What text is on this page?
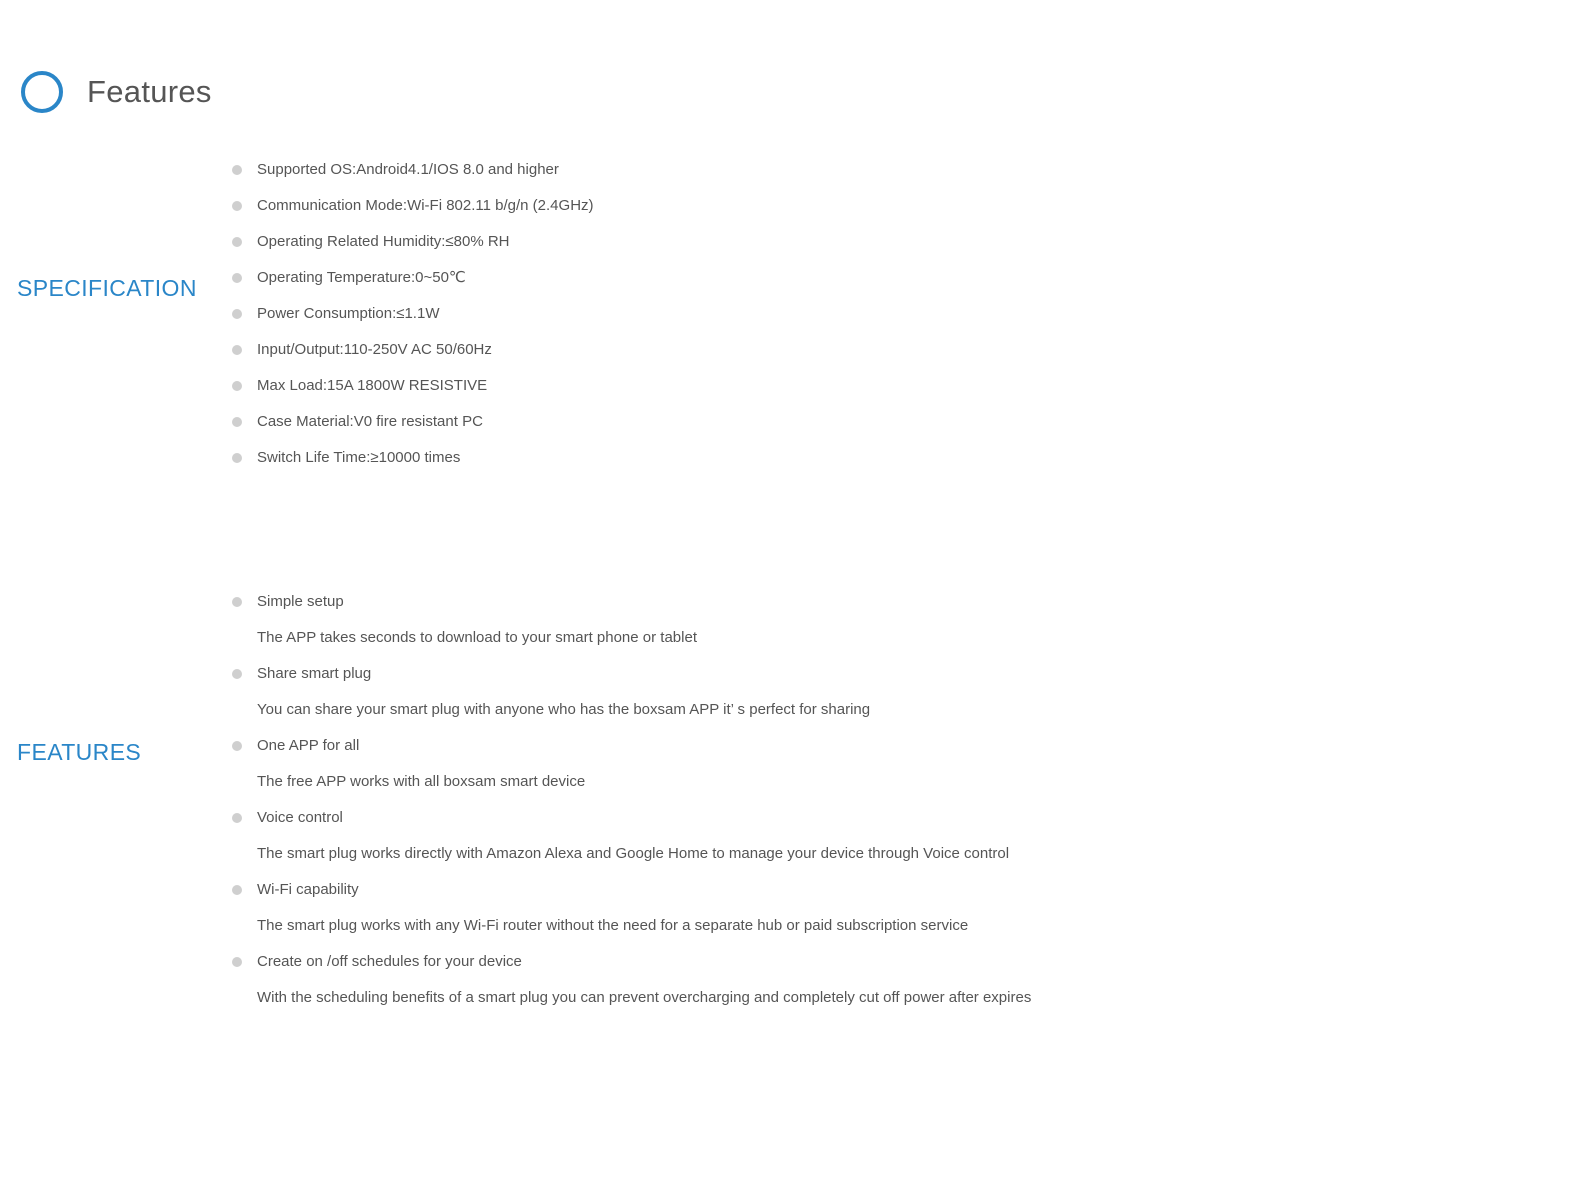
Features
SPECIFICATION
Supported OS:Android4.1/IOS 8.0 and higher
Communication Mode:Wi-Fi 802.11 b/g/n (2.4GHz)
Operating Related Humidity:≤80% RH
Operating Temperature:0~50℃
Power Consumption:≤1.1W
Input/Output:110-250V AC 50/60Hz
Max Load:15A 1800W RESISTIVE
Case Material:V0 fire resistant PC
Switch Life Time:≥10000 times
FEATURES
Simple setup
The APP takes seconds to download to your smart phone or tablet
Share smart plug
You can share your smart plug with anyone who has the boxsam APP it’ s perfect for sharing
One APP for all
The free APP works with all boxsam smart device
Voice control
The smart plug works directly with Amazon Alexa and Google Home to manage your device through Voice control
Wi-Fi capability
The smart plug works with any Wi-Fi router without the need for a separate hub or paid subscription service
Create on /off schedules for your device
With the scheduling benefits of a smart plug you can prevent overcharging and completely cut off power after expires
